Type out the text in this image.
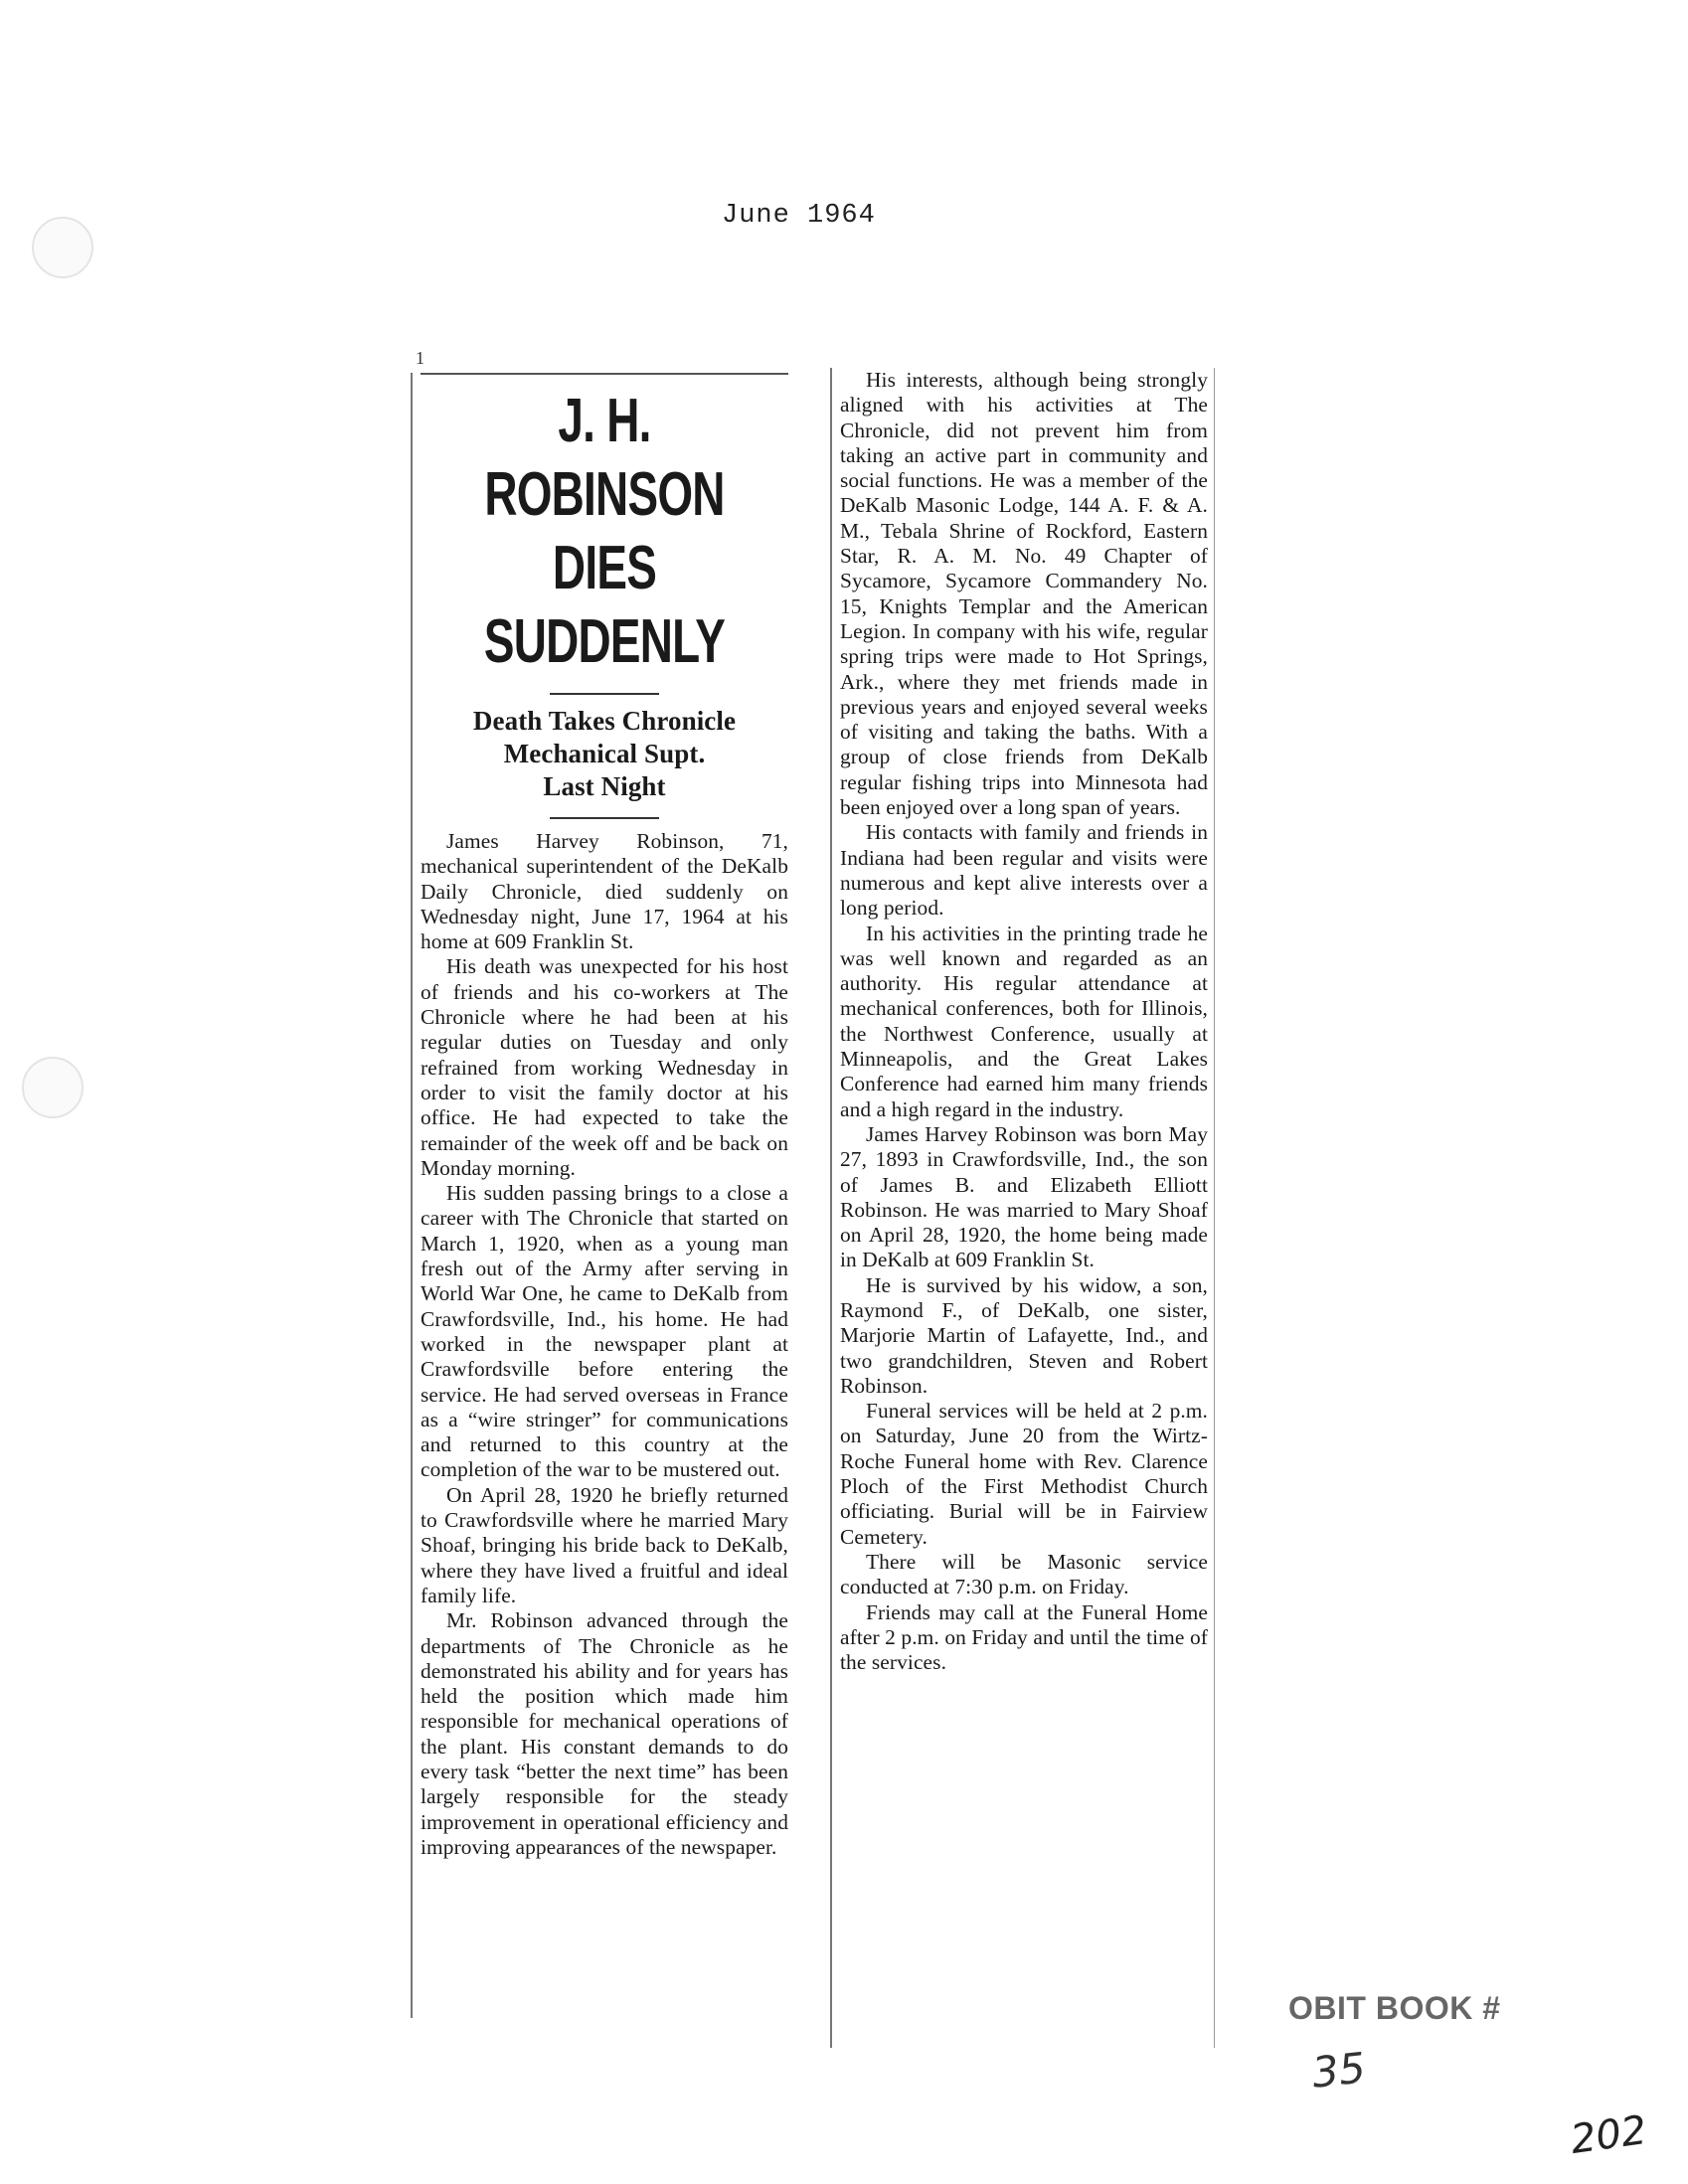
June 1964
1
J. H. ROBINSON
DIES SUDDENLY
Death Takes Chronicle
Mechanical Supt.
Last Night

James Harvey Robinson, 71, mechanical superintendent of the DeKalb Daily Chronicle, died suddenly on Wednesday night, June 17, 1964 at his home at 609 Franklin St.

His death was unexpected for his host of friends and his co-workers at The Chronicle where he had been at his regular duties on Tuesday and only refrained from working Wednesday in order to visit the family doctor at his office. He had expected to take the remainder of the week off and be back on Monday morning.

His sudden passing brings to a close a career with The Chronicle that started on March 1, 1920, when as a young man fresh out of the Army after serving in World War One, he came to DeKalb from Crawfordsville, Ind., his home. He had worked in the newspaper plant at Crawfordsville before entering the service. He had served overseas in France as a “wire stringer” for communications and returned to this country at the completion of the war to be mustered out.

On April 28, 1920 he briefly returned to Crawfordsville where he married Mary Shoaf, bringing his bride back to DeKalb, where they have lived a fruitful and ideal family life.

Mr. Robinson advanced through the departments of The Chronicle as he demonstrated his ability and for years has held the position which made him responsible for mechanical operations of the plant. His constant demands to do every task “better the next time” has been largely responsible for the steady improvement in operational efficiency and improving appearances of the newspaper.

His interests, although being strongly aligned with his activities at The Chronicle, did not prevent him from taking an active part in community and social functions. He was a member of the DeKalb Masonic Lodge, 144 A. F. & A. M., Tebala Shrine of Rockford, Eastern Star, R. A. M. No. 49 Chapter of Sycamore, Sycamore Commandery No. 15, Knights Templar and the American Legion. In company with his wife, regular spring trips were made to Hot Springs, Ark., where they met friends made in previous years and enjoyed several weeks of visiting and taking the baths. With a group of close friends from DeKalb regular fishing trips into Minnesota had been enjoyed over a long span of years.

His contacts with family and friends in Indiana had been regular and visits were numerous and kept alive interests over a long period.

In his activities in the printing trade he was well known and regarded as an authority. His regular attendance at mechanical conferences, both for Illinois, the Northwest Conference, usually at Minneapolis, and the Great Lakes Conference had earned him many friends and a high regard in the industry.

James Harvey Robinson was born May 27, 1893 in Crawfordsville, Ind., the son of James B. and Elizabeth Elliott Robinson. He was married to Mary Shoaf on April 28, 1920, the home being made in DeKalb at 609 Franklin St.

He is survived by his widow, a son, Raymond F., of DeKalb, one sister, Marjorie Martin of Lafayette, Ind., and two grandchildren, Steven and Robert Robinson.

Funeral services will be held at 2 p.m. on Saturday, June 20 from the Wirtz-Roche Funeral home with Rev. Clarence Ploch of the First Methodist Church officiating. Burial will be in Fairview Cemetery.

There will be Masonic service conducted at 7:30 p.m. on Friday.

Friends may call at the Funeral Home after 2 p.m. on Friday and until the time of the services.

OBIT BOOK #
35
202
